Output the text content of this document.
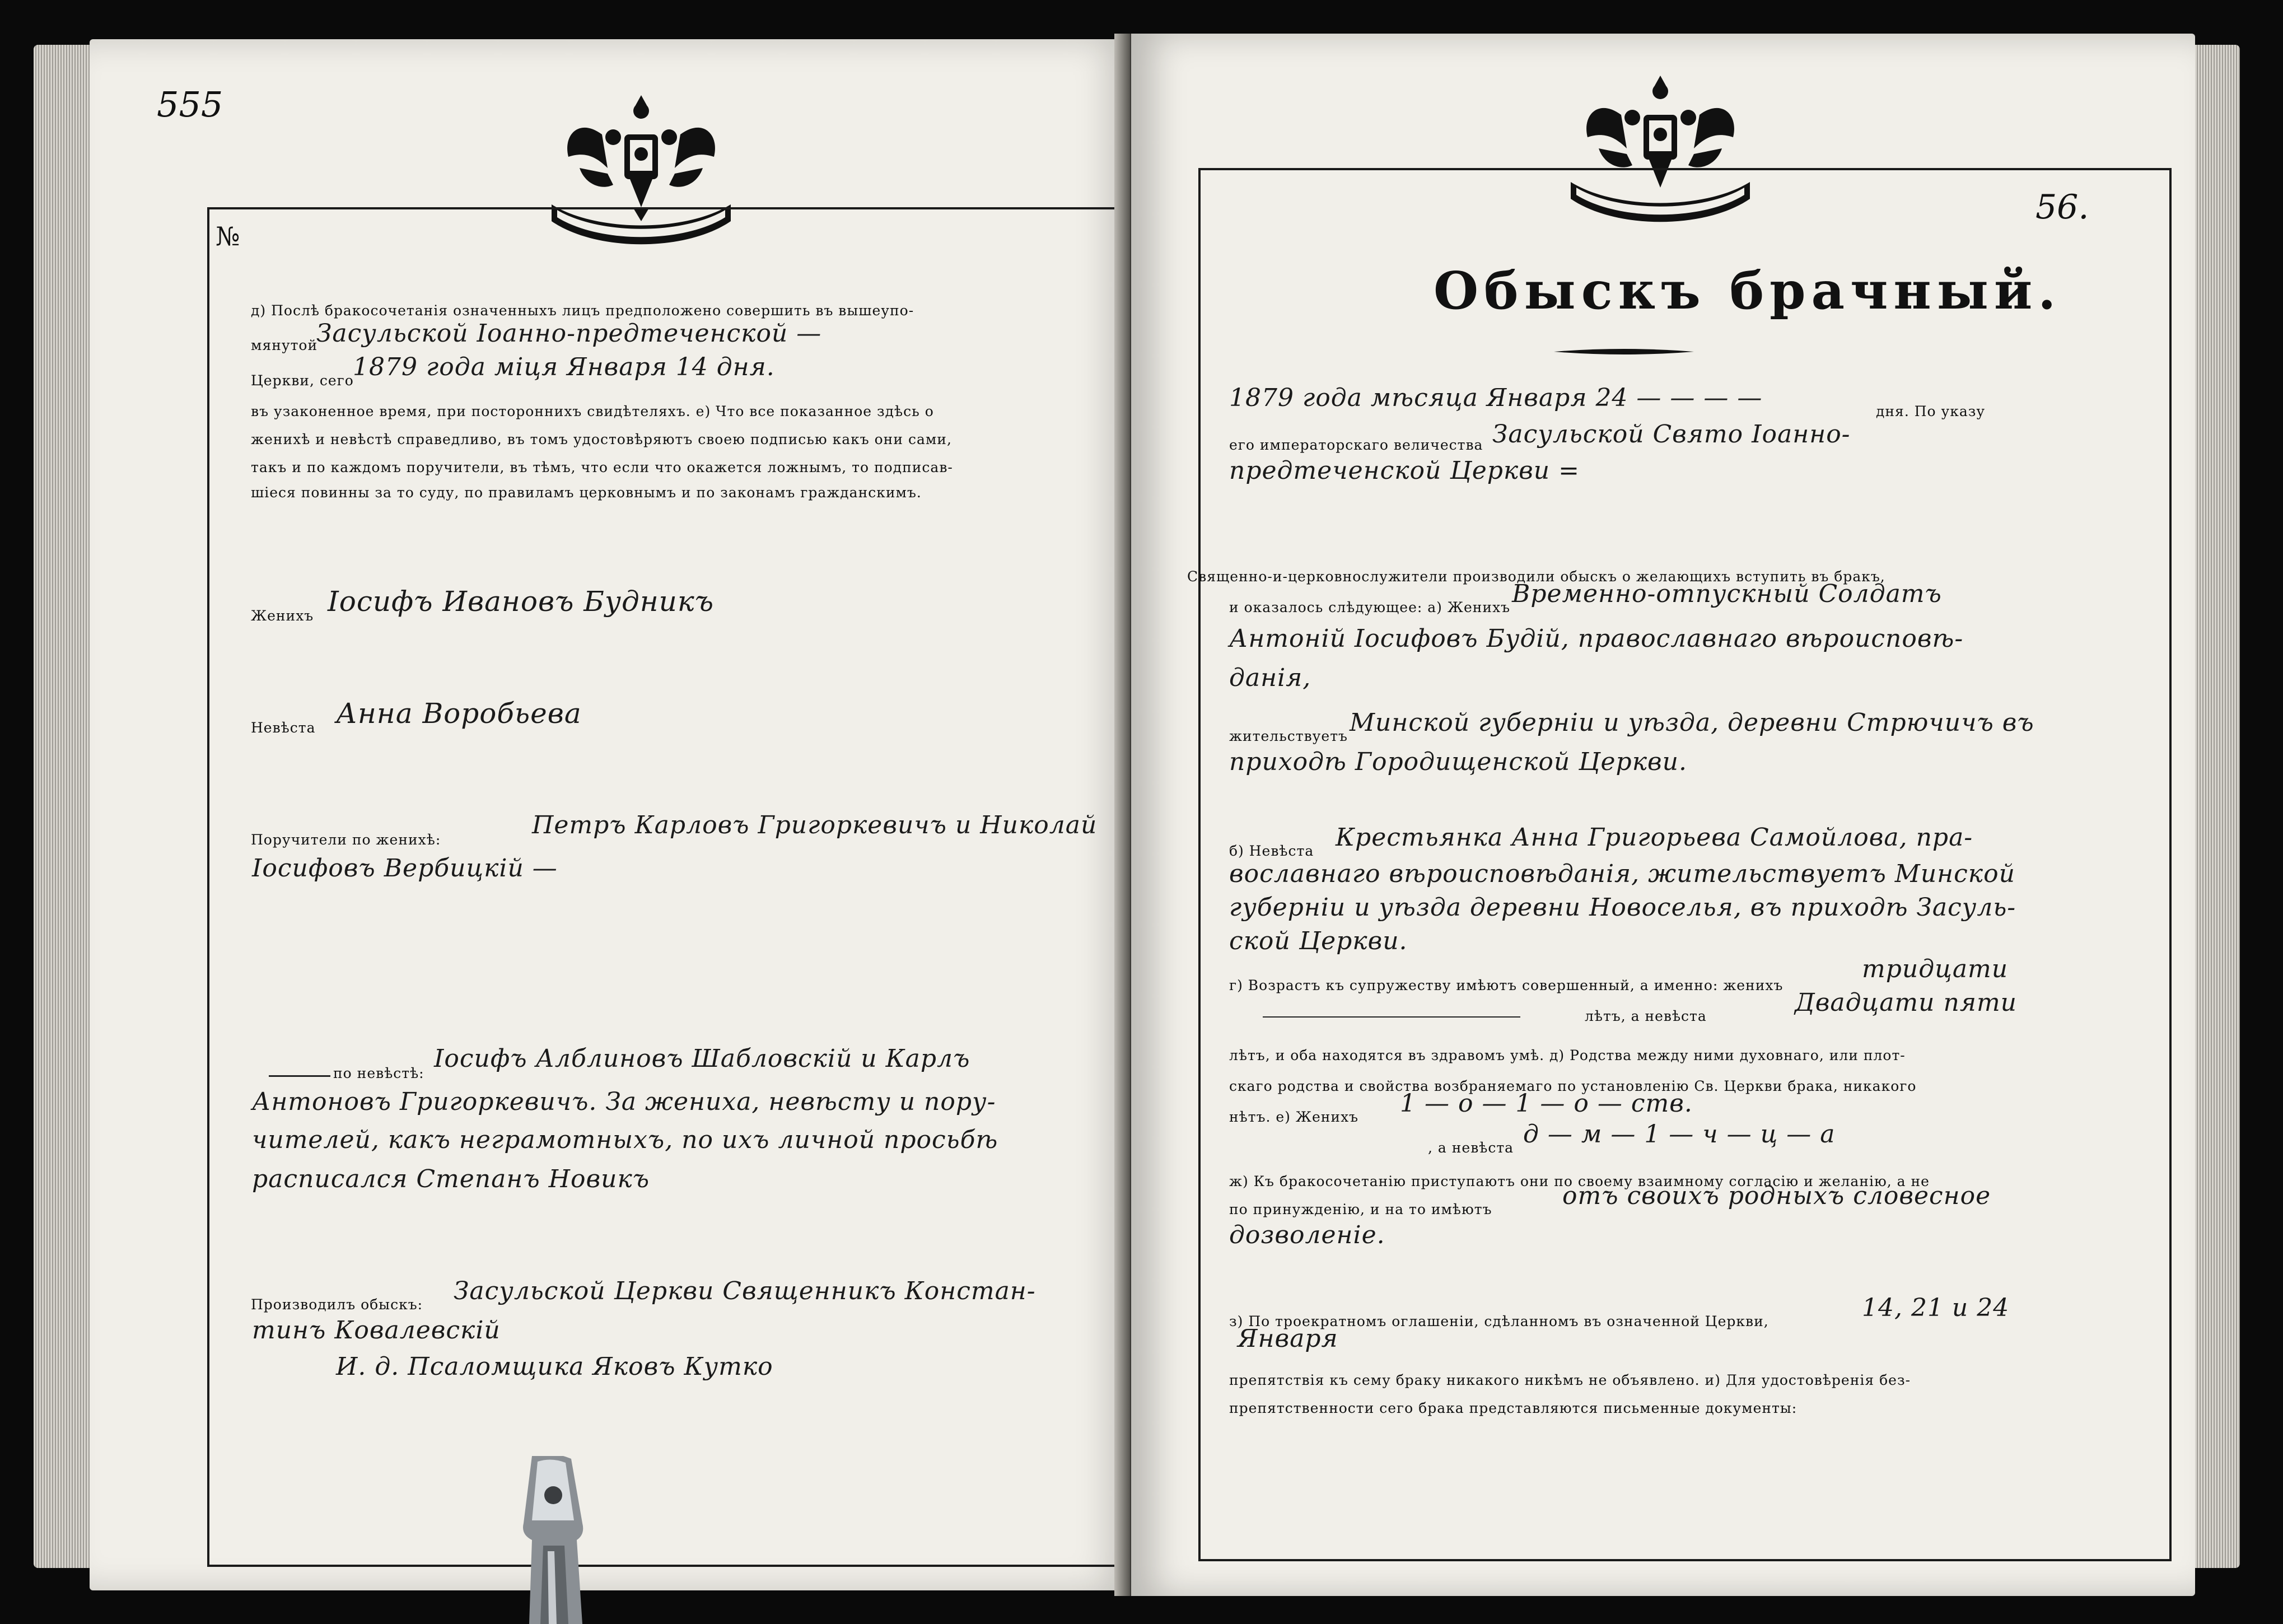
555
№
д) Послѣ бракосочетанія означенныхъ лицъ предположено совершить въ вышеупо-
мянутой
Засульской Іоанно-предтеченской —
Церкви, сего
1879 года міця Января 14 дня.
въ узаконенное время, при постороннихъ свидѣтеляхъ. е) Что все показанное здѣсь о
женихѣ и невѣстѣ справедливо, въ томъ удостовѣряютъ своею подписью какъ они сами,
такъ и по каждомъ поручители, въ тѣмъ, что если что окажется ложнымъ, то подписав-
шіеся повинны за то суду, по правиламъ церковнымъ и по законамъ гражданскимъ.
Женихъ Іосифъ Ивановъ Будникъ
Невѣста Анна Воробьева
Поручители по женихѣ:
Петръ Карловъ Григоркевичъ и Николай
Іосифовъ Вербицкій —
по невѣстѣ:
Іосифъ Алблиновъ Шабловскій и Карлъ
Антоновъ Григоркевичъ. За жениха, невѣсту и пору-
чителей, какъ неграмотныхъ, по ихъ личной просьбѣ
расписался Степанъ Новикъ
Производилъ обыскъ: Засульской Церкви Священникъ Констан-
тинъ Ковалевскій
И. д. Псаломщика Яковъ Кутко
56.
Обыскъ брачный.
1879 года мѣсяца Января 24 — — — —	дня. По указу
его императорскаго величества Засульской Свято Іоанно-
предтеченской Церкви =
Священно-и-церковнослужители производили обыскъ о желающихъ вступить въ бракъ,
и оказалось слѣдующее: а) Женихъ Временно-отпускный Солдатъ
Антоній Іосифовъ Будій, православнаго вѣроисповѣ-
данія,
жительствуетъ Минской губерніи и уѣзда, деревни Стрючичъ въ
приходѣ Городищенской Церкви.
б) Невѣста Крестьянка Анна Григорьева Самойлова, пра-
вославнаго вѣроисповѣданія, жительствуетъ Минской
губерніи и уѣзда деревни Новоселья, въ приходѣ Засуль-
ской Церкви.
г) Возрастъ къ супружеству имѣютъ совершенный, а именно: женихъ
тридцати
лѣтъ, а невѣста	Двадцати пяти
лѣтъ, и оба находятся въ здравомъ умѣ. д) Родства между ними духовнаго, или плот-
скаго родства и свойства возбраняемаго по установленію Св. Церкви брака, никакого
нѣтъ. е) Женихъ 1 — о — 1 — о — ств.
, а невѣста д — м — 1 — ч — ц — а
ж) Къ бракосочетанію приступаютъ они по своему взаимному согласію и желанію, а не
по принужденію, и на то имѣютъ	отъ своихъ родныхъ словесное
дозволеніе.
з) По троекратномъ оглашеніи, сдѣланномъ въ означенной Церкви,	14, 21 и 24
Января
препятствія къ сему браку никакого никѣмъ не объявлено. и) Для удостовѣренія без-
препятственности сего брака представляются письменные документы:
